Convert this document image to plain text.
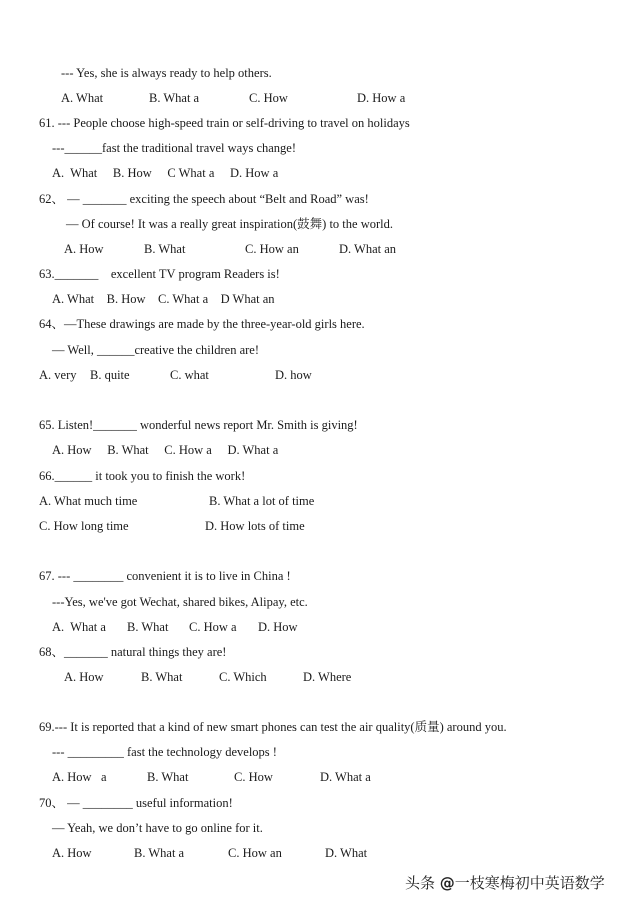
--- Yes, she is always ready to help others.
A. What	B. What a	C. How	D. How a
61. --- People choose high-speed train or self-driving to travel on holidays
---______fast the traditional travel ways change!
A.  What     B. How     C What a     D. How a
62、 — _______ exciting the speech about “Belt and Road” was!
— Of course! It was a really great inspiration(鼓舞) to the world.
A. How	B. What	C. How an	D. What an
63._______    excellent TV program Readers is!
A. What    B. How    C. What a    D What an
64、—These drawings are made by the three-year-old girls here.
— Well, ______creative the children are!
A. very B. quite	C. what	D. how
65. Listen!_______ wonderful news report Mr. Smith is giving!
A. How     B. What     C. How a     D. What a
66.______ it took you to finish the work!
A. What much time	B. What a lot of time
C. How long time	D. How lots of time
67. --- ________ convenient it is to live in China !
---Yes, we've got Wechat, shared bikes, Alipay, etc.
A.  What a B. What C. How a D. How
68、_______ natural things they are!
A. How	B. What	C. Which	D. Where
69.--- It is reported that a kind of new smart phones can test the air quality(质量) around you.
--- _________ fast the technology develops !
A. How   a	B. What	C. How	D. What a
70、 — ________ useful information!
— Yeah, we don’t have to go online for it.
A. How	B. What a	C. How an	D. What
头条 @一枝寒梅初中英语数学
